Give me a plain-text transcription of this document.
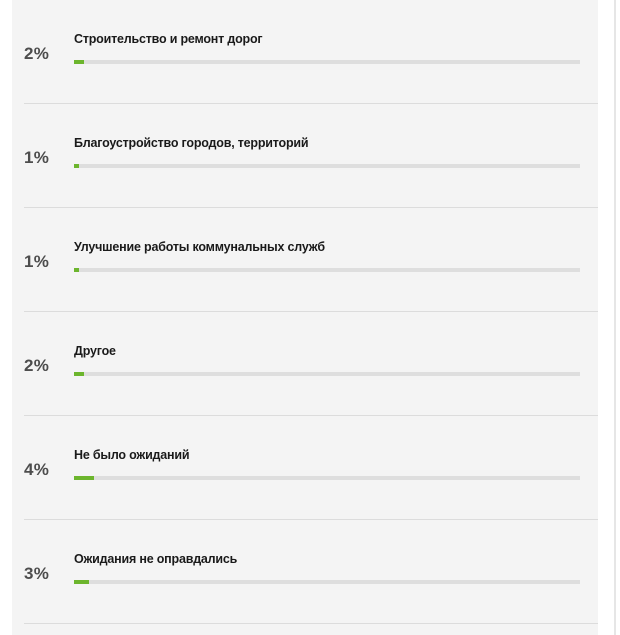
2%
Строительство и ремонт дорог
1%
Благоустройство городов, территорий
1%
Улучшение работы коммунальных служб
2%
Другое
4%
Не было ожиданий
3%
Ожидания не оправдались
